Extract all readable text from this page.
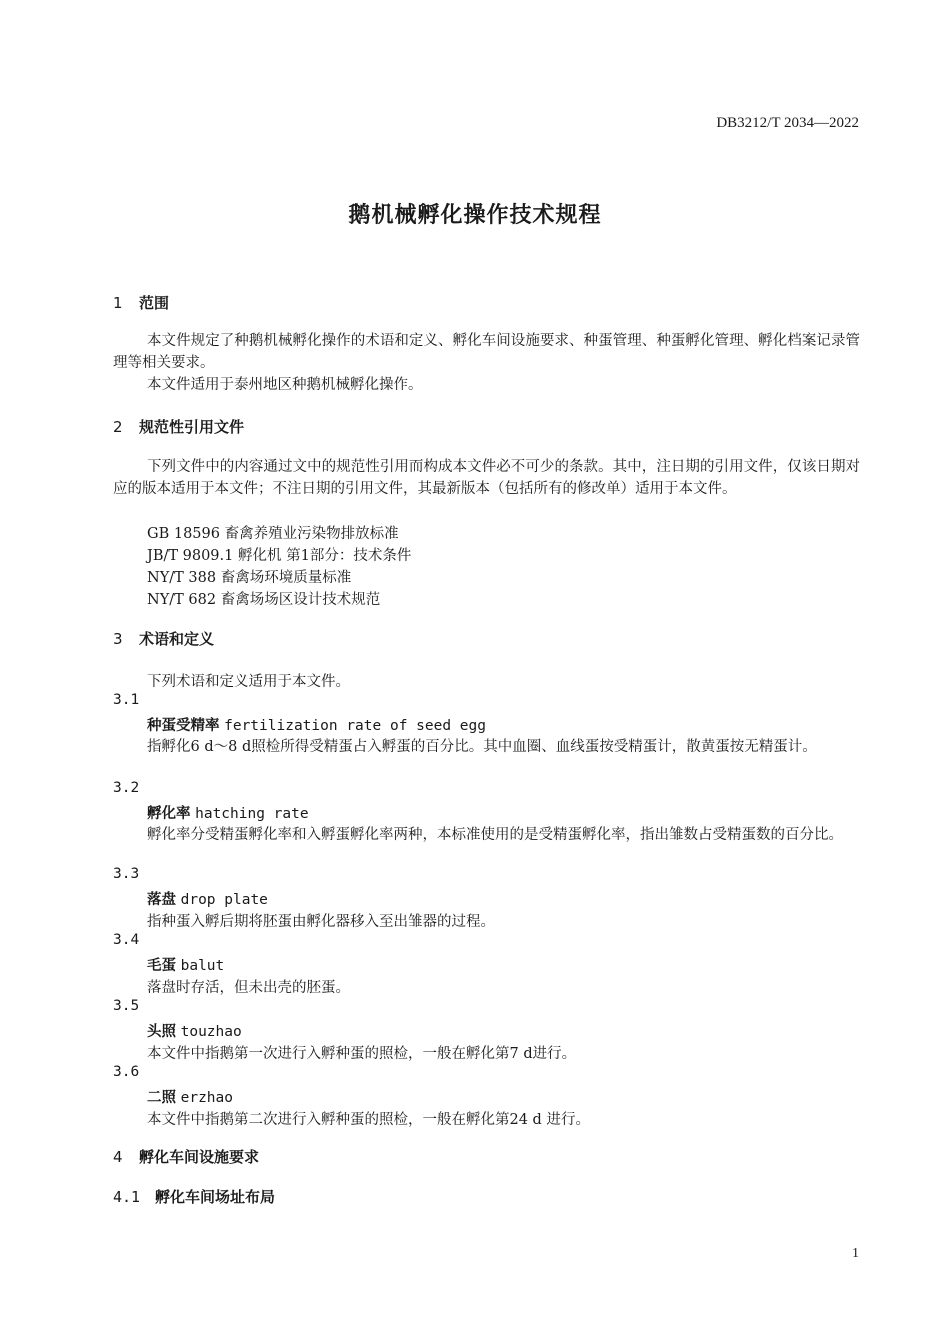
DB3212/T 2034—2022
鹅机械孵化操作技术规程
1 范围
本文件规定了种鹅机械孵化操作的术语和定义、孵化车间设施要求、种蛋管理、种蛋孵化管理、孵化档案记录管理等相关要求。
本文件适用于泰州地区种鹅机械孵化操作。
2 规范性引用文件
下列文件中的内容通过文中的规范性引用而构成本文件必不可少的条款。其中，注日期的引用文件，仅该日期对应的版本适用于本文件；不注日期的引用文件，其最新版本（包括所有的修改单）适用于本文件。
GB 18596 畜禽养殖业污染物排放标准
JB/T 9809.1 孵化机 第1部分：技术条件
NY/T 388 畜禽场环境质量标准
NY/T 682 畜禽场场区设计技术规范
3 术语和定义
下列术语和定义适用于本文件。
3.1
种蛋受精率 fertilization rate of seed egg
指孵化6 d～8 d照检所得受精蛋占入孵蛋的百分比。其中血圈、血线蛋按受精蛋计，散黄蛋按无精蛋计。
3.2
孵化率 hatching rate
孵化率分受精蛋孵化率和入孵蛋孵化率两种，本标准使用的是受精蛋孵化率，指出雏数占受精蛋数的百分比。
3.3
落盘 drop plate
指种蛋入孵后期将胚蛋由孵化器移入至出雏器的过程。
3.4
毛蛋 balut
落盘时存活，但未出壳的胚蛋。
3.5
头照 touzhao
本文件中指鹅第一次进行入孵种蛋的照检，一般在孵化第7 d进行。
3.6
二照 erzhao
本文件中指鹅第二次进行入孵种蛋的照检，一般在孵化第24 d 进行。
4 孵化车间设施要求
4.1 孵化车间场址布局
1
